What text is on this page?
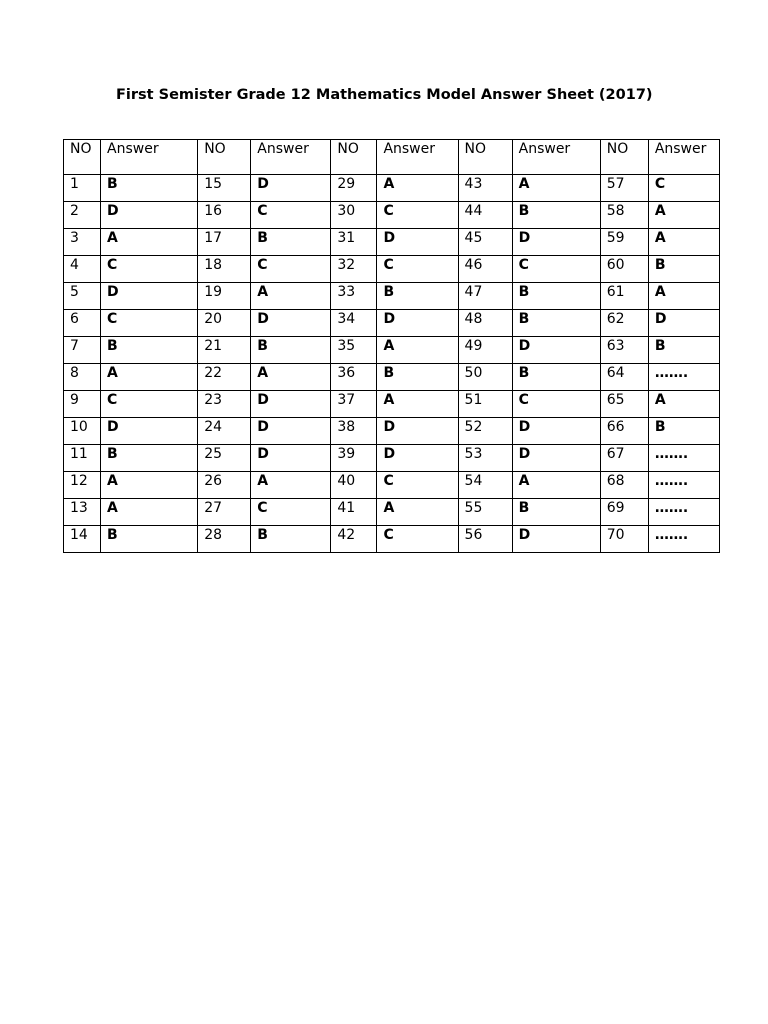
First Semister Grade 12 Mathematics Model Answer Sheet (2017)
NO	Answer	NO	Answer	NO	Answer	NO	Answer	NO	Answer
1	B	15	D	29	A	43	A	57	C
2	D	16	C	30	C	44	B	58	A
3	A	17	B	31	D	45	D	59	A
4	C	18	C	32	C	46	C	60	B
5	D	19	A	33	B	47	B	61	A
6	C	20	D	34	D	48	B	62	D
7	B	21	B	35	A	49	D	63	B
8	A	22	A	36	B	50	B	64	…….
9	C	23	D	37	A	51	C	65	A
10	D	24	D	38	D	52	D	66	B
11	B	25	D	39	D	53	D	67	…….
12	A	26	A	40	C	54	A	68	…….
13	A	27	C	41	A	55	B	69	…….
14	B	28	B	42	C	56	D	70	…….
